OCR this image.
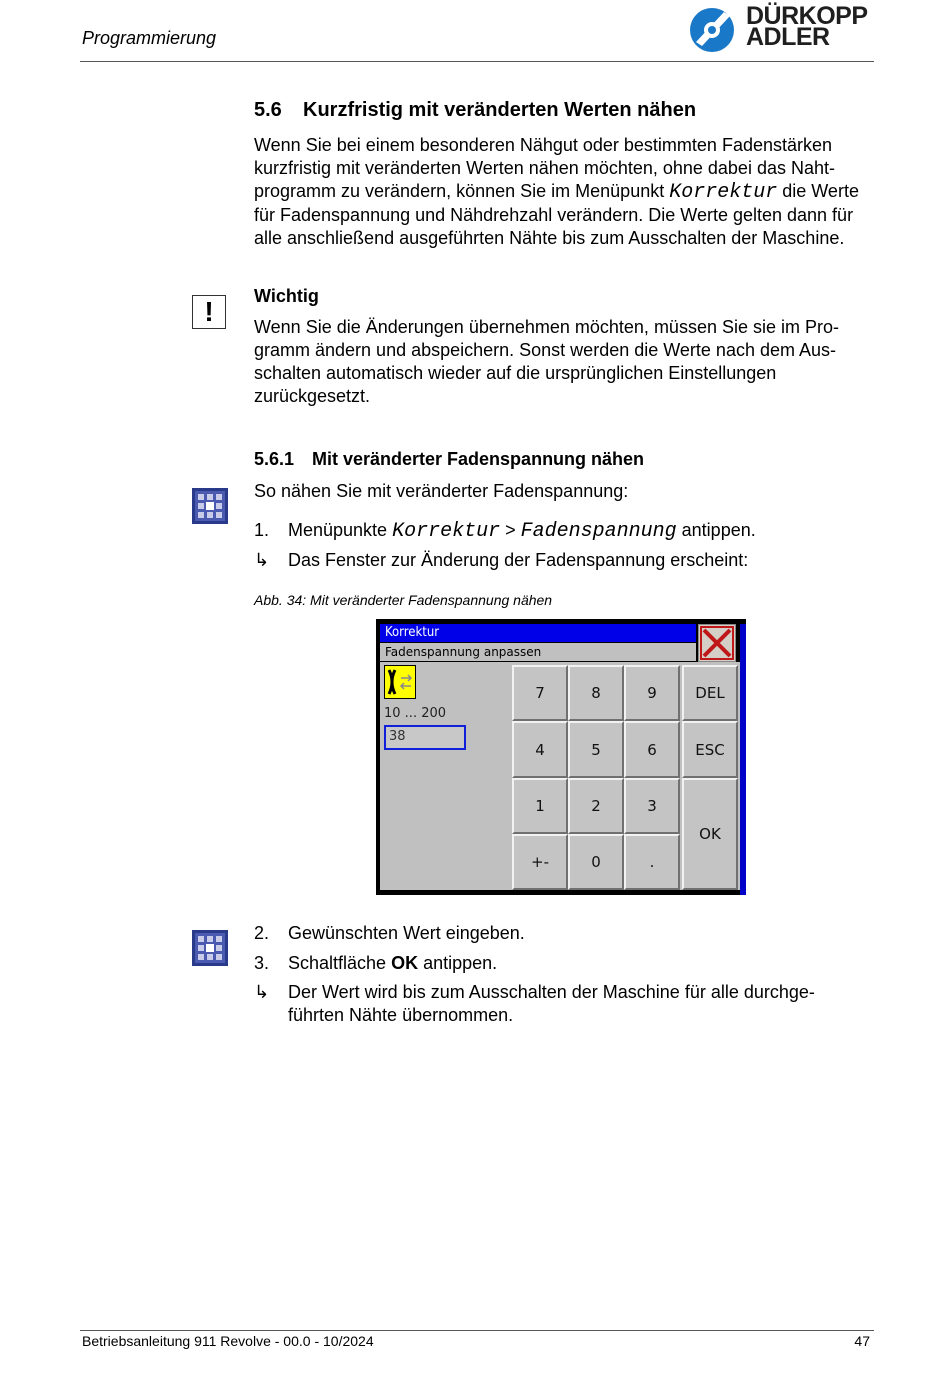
Programmierung
DÜRKOPP
ADLER
5.6 Kurzfristig mit veränderten Werten nähen
Wenn Sie bei einem besonderen Nähgut oder bestimmten Fadenstärken kurzfristig mit veränderten Werten nähen möchten, ohne dabei das Nahtprogramm zu verändern, können Sie im Menüpunkt Korrektur die Werte für Fadenspannung und Nähdrehzahl verändern. Die Werte gelten dann für alle anschließend ausgeführten Nähte bis zum Ausschalten der Maschine.
!	Wichtig
Wenn Sie die Änderungen übernehmen möchten, müssen Sie sie im Programm ändern und abspeichern. Sonst werden die Werte nach dem Ausschalten automatisch wieder auf die ursprünglichen Einstellungen zurückgesetzt.
5.6.1 Mit veränderter Fadenspannung nähen
So nähen Sie mit veränderter Fadenspannung:
1. Menüpunkte Korrektur > Fadenspannung antippen.
↳ Das Fenster zur Änderung der Fadenspannung erscheint:
Abb. 34: Mit veränderter Fadenspannung nähen
Korrektur
Fadenspannung anpassen
10 ... 200
38
7	8	9	DEL
4	5	6	ESC
1	2	3
OK
+-	0	.
2. Gewünschten Wert eingeben.
3. Schaltfläche OK antippen.
↳ Der Wert wird bis zum Ausschalten der Maschine für alle durchgeführten Nähte übernommen.
Betriebsanleitung 911 Revolve - 00.0 - 10/2024	47
